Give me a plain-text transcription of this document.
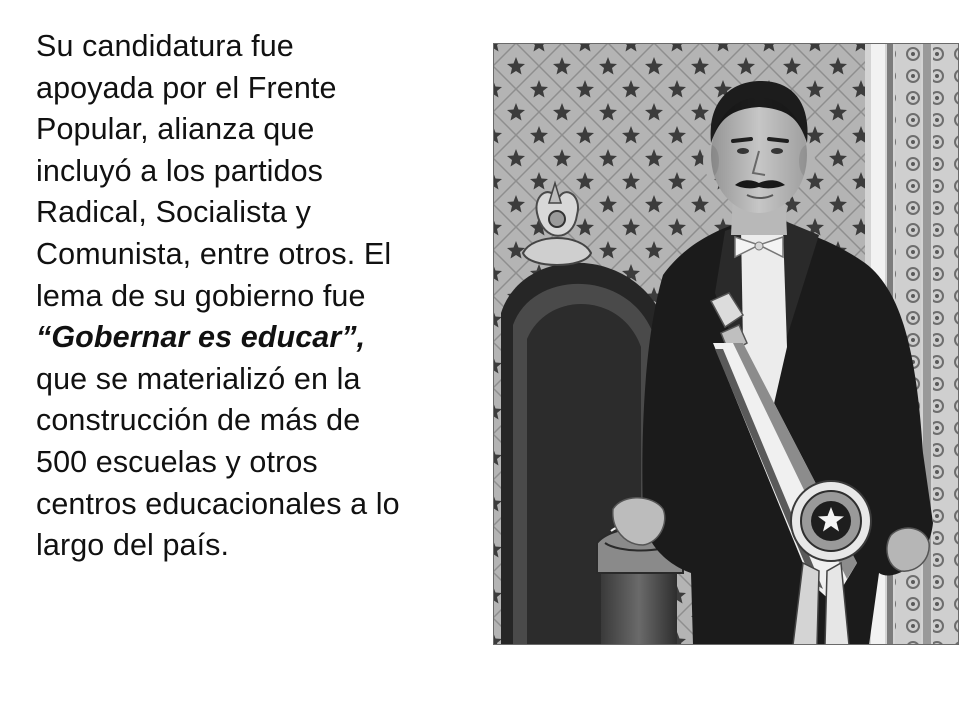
Su candidatura fue
apoyada por el Frente
Popular, alianza que
incluyó a los partidos
Radical, Socialista y
Comunista, entre otros. El
lema de su gobierno fue
“Gobernar es educar”,
que se materializó en la
construcción de más de
500 escuelas y otros
centros educacionales a lo
largo del país.
